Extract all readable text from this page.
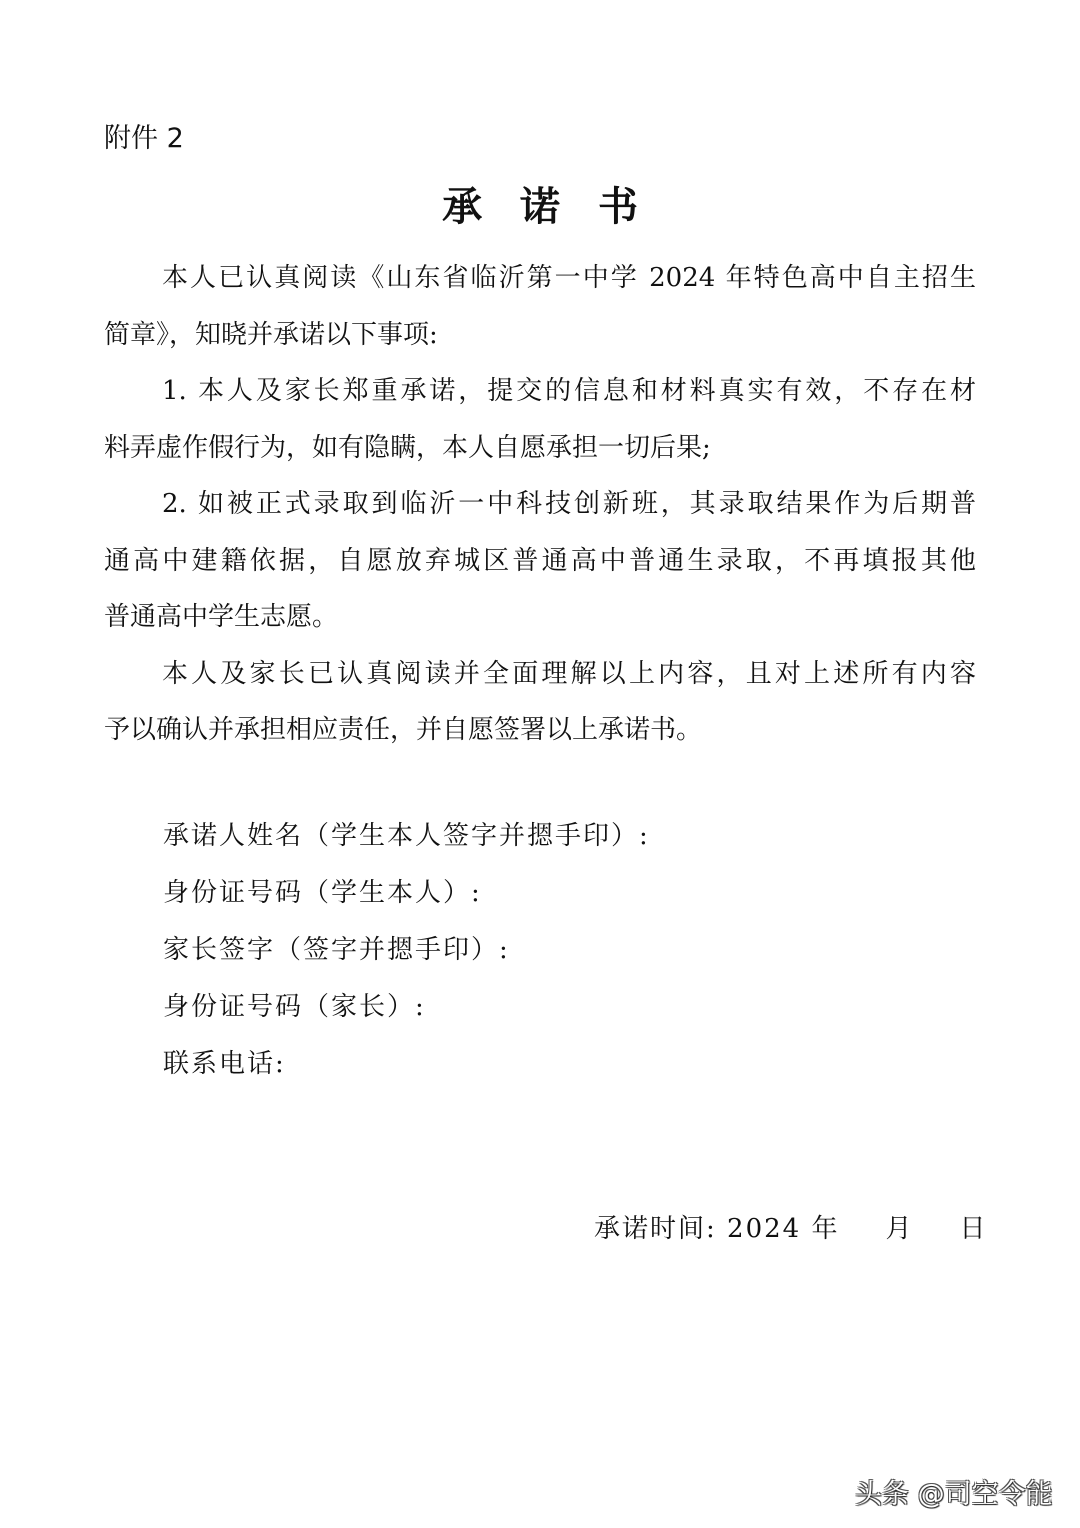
附件 2
承 诺 书
本人已认真阅读《山东省临沂第一中学 2024 年特色高中自主招生
简章》，知晓并承诺以下事项:
1. 本人及家长郑重承诺，提交的信息和材料真实有效，不存在材
料弄虚作假行为，如有隐瞒，本人自愿承担一切后果;
2. 如被正式录取到临沂一中科技创新班，其录取结果作为后期普
通高中建籍依据，自愿放弃城区普通高中普通生录取，不再填报其他
普通高中学生志愿。
本人及家长已认真阅读并全面理解以上内容，且对上述所有内容
予以确认并承担相应责任，并自愿签署以上承诺书。
承诺人姓名（学生本人签字并摁手印）:
身份证号码（学生本人）:
家长签字（签字并摁手印）:
身份证号码（家长）:
联系电话:
承诺时间: 2024 年 月 日
头条 @司空令能
